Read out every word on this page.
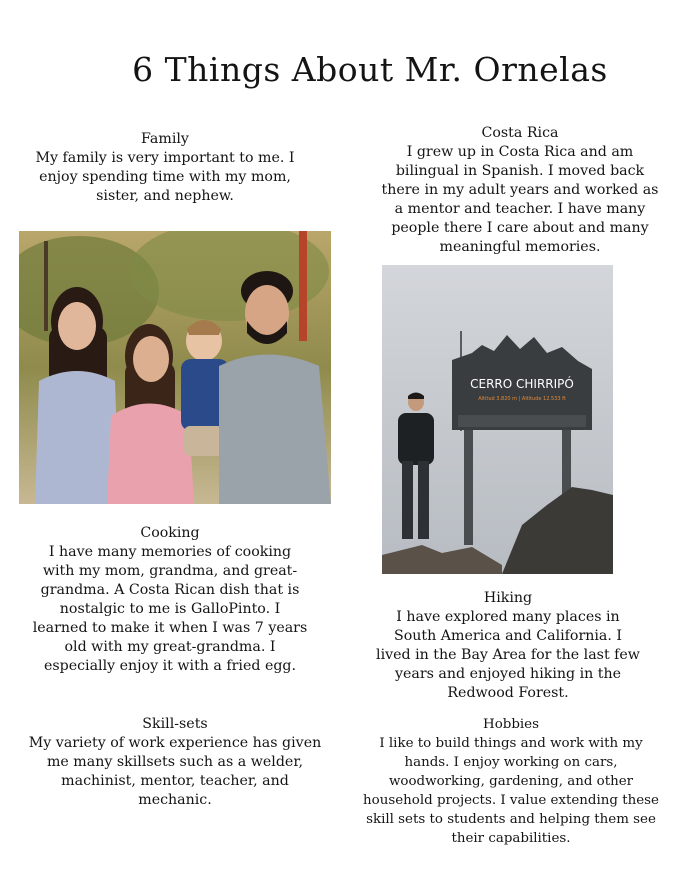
6 Things About Mr. Ornelas
Family
My family is very important to me. I
enjoy spending time with my mom,
sister, and nephew.
Costa Rica
I grew up in Costa Rica and am
bilingual in Spanish. I moved back
there in my adult years and worked as
a mentor and teacher. I have many
people there I care about and many
meaningful memories.
CERRO CHIRRIPÓ
Altitud 3.820 m | Altitude 12.533 ft
Cooking
I have many memories of cooking
with my mom, grandma, and great-
grandma. A Costa Rican dish that is
nostalgic to me is GalloPinto. I
learned to make it when I was 7 years
old with my great-grandma. I
especially enjoy it with a fried egg.
Hiking
I have explored many places in
South America and California. I
lived in the Bay Area for the last few
years and enjoyed hiking in the
Redwood Forest.
Skill-sets
My variety of work experience has given
me many skillsets such as a welder,
machinist, mentor, teacher, and
mechanic.
Hobbies
I like to build things and work with my
hands. I enjoy working on cars,
woodworking, gardening, and other
household projects. I value extending these
skill sets to students and helping them see
their capabilities.
